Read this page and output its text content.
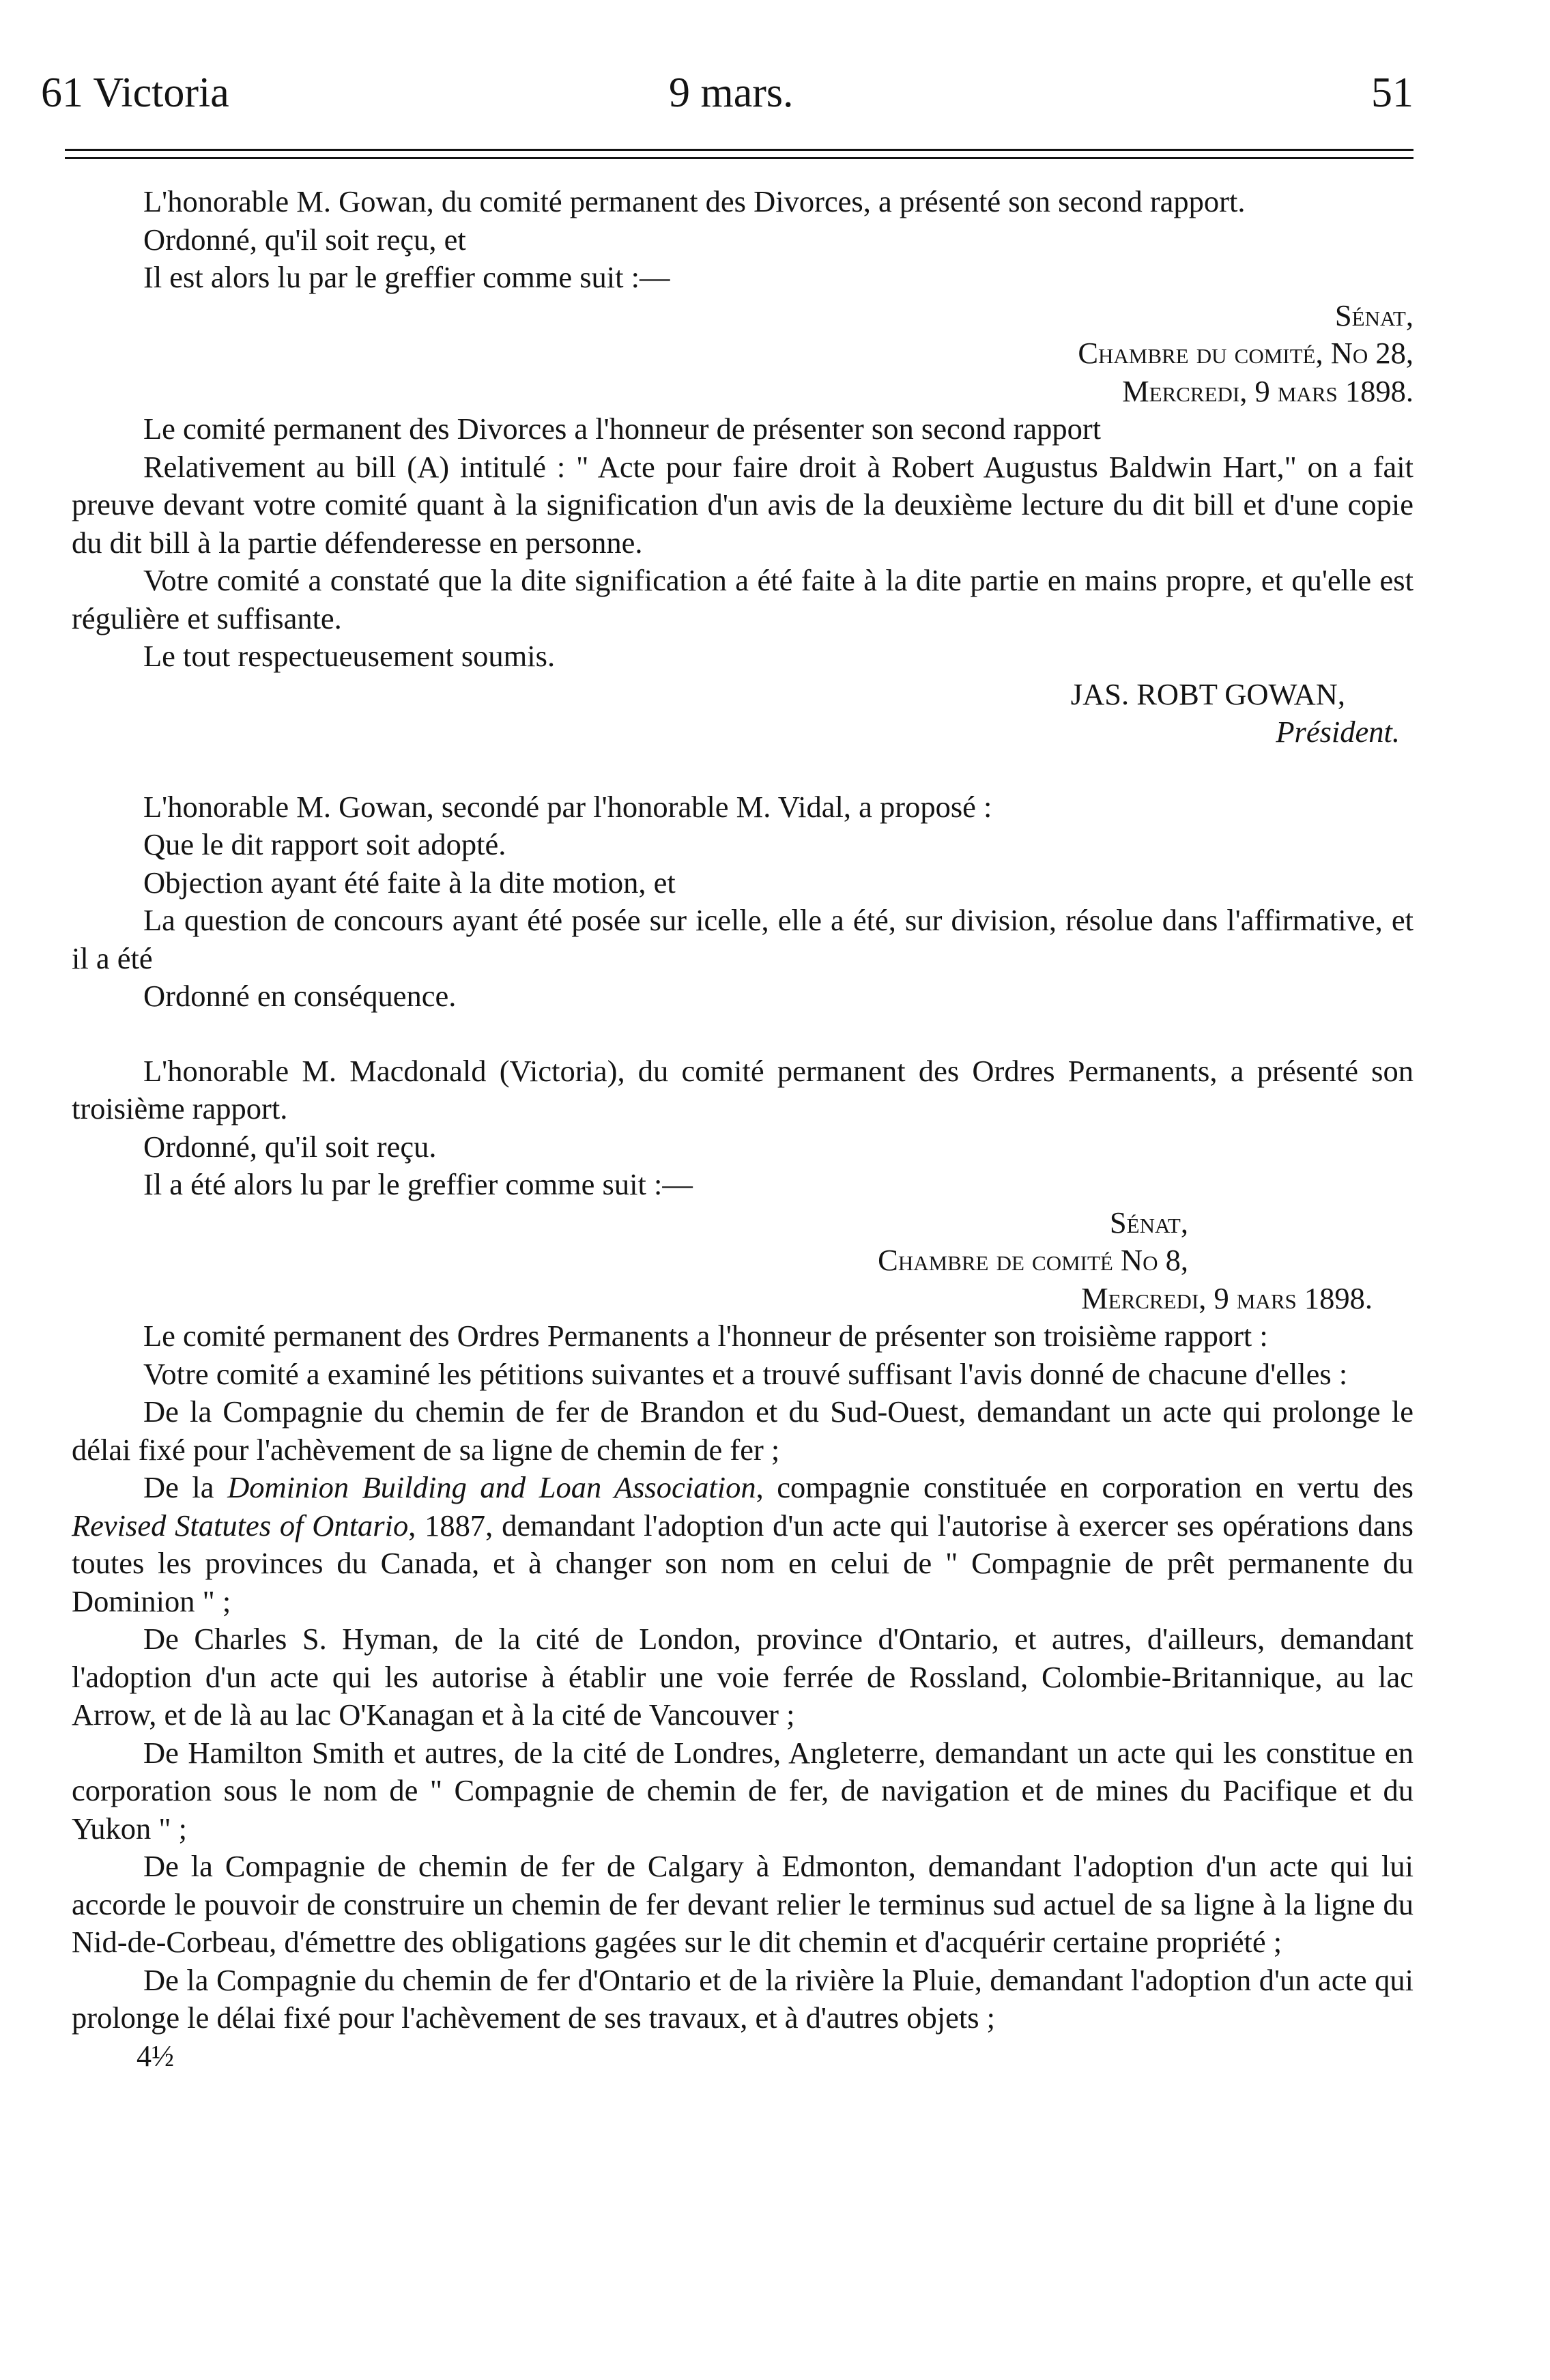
61 Victoria	9 mars.	51

L'honorable M. Gowan, du comité permanent des Divorces, a présenté son second rapport.

Ordonné, qu'il soit reçu, et

Il est alors lu par le greffier comme suit :—

Sénat,

Chambre du comité, No 28,

Mercredi, 9 mars 1898.

Le comité permanent des Divorces a l'honneur de présenter son second rapport

Relativement au bill (A) intitulé : " Acte pour faire droit à Robert Augustus Baldwin Hart," on a fait preuve devant votre comité quant à la signification d'un avis de la deuxième lecture du dit bill et d'une copie du dit bill à la partie défenderesse en personne.

Votre comité a constaté que la dite signification a été faite à la dite partie en mains propre, et qu'elle est régulière et suffisante.

Le tout respectueusement soumis.

JAS. ROBT GOWAN,

Président.

L'honorable M. Gowan, secondé par l'honorable M. Vidal, a proposé :

Que le dit rapport soit adopté.

Objection ayant été faite à la dite motion, et

La question de concours ayant été posée sur icelle, elle a été, sur division, résolue dans l'affirmative, et il a été

Ordonné en conséquence.

L'honorable M. Macdonald (Victoria), du comité permanent des Ordres Permanents, a présenté son troisième rapport.

Ordonné, qu'il soit reçu.

Il a été alors lu par le greffier comme suit :—

Sénat,

Chambre de comité No 8,

Mercredi, 9 mars 1898.

Le comité permanent des Ordres Permanents a l'honneur de présenter son troisième rapport :

Votre comité a examiné les pétitions suivantes et a trouvé suffisant l'avis donné de chacune d'elles :

De la Compagnie du chemin de fer de Brandon et du Sud-Ouest, demandant un acte qui prolonge le délai fixé pour l'achèvement de sa ligne de chemin de fer ;

De la Dominion Building and Loan Association, compagnie constituée en corporation en vertu des Revised Statutes of Ontario, 1887, demandant l'adoption d'un acte qui l'autorise à exercer ses opérations dans toutes les provinces du Canada, et à changer son nom en celui de " Compagnie de prêt permanente du Dominion " ;

De Charles S. Hyman, de la cité de London, province d'Ontario, et autres, d'ailleurs, demandant l'adoption d'un acte qui les autorise à établir une voie ferrée de Rossland, Colombie-Britannique, au lac Arrow, et de là au lac O'Kanagan et à la cité de Vancouver ;

De Hamilton Smith et autres, de la cité de Londres, Angleterre, demandant un acte qui les constitue en corporation sous le nom de " Compagnie de chemin de fer, de navigation et de mines du Pacifique et du Yukon " ;

De la Compagnie de chemin de fer de Calgary à Edmonton, demandant l'adoption d'un acte qui lui accorde le pouvoir de construire un chemin de fer devant relier le terminus sud actuel de sa ligne à la ligne du Nid-de-Corbeau, d'émettre des obligations gagées sur le dit chemin et d'acquérir certaine propriété ;

De la Compagnie du chemin de fer d'Ontario et de la rivière la Pluie, demandant l'adoption d'un acte qui prolonge le délai fixé pour l'achèvement de ses travaux, et à d'autres objets ;

4½
